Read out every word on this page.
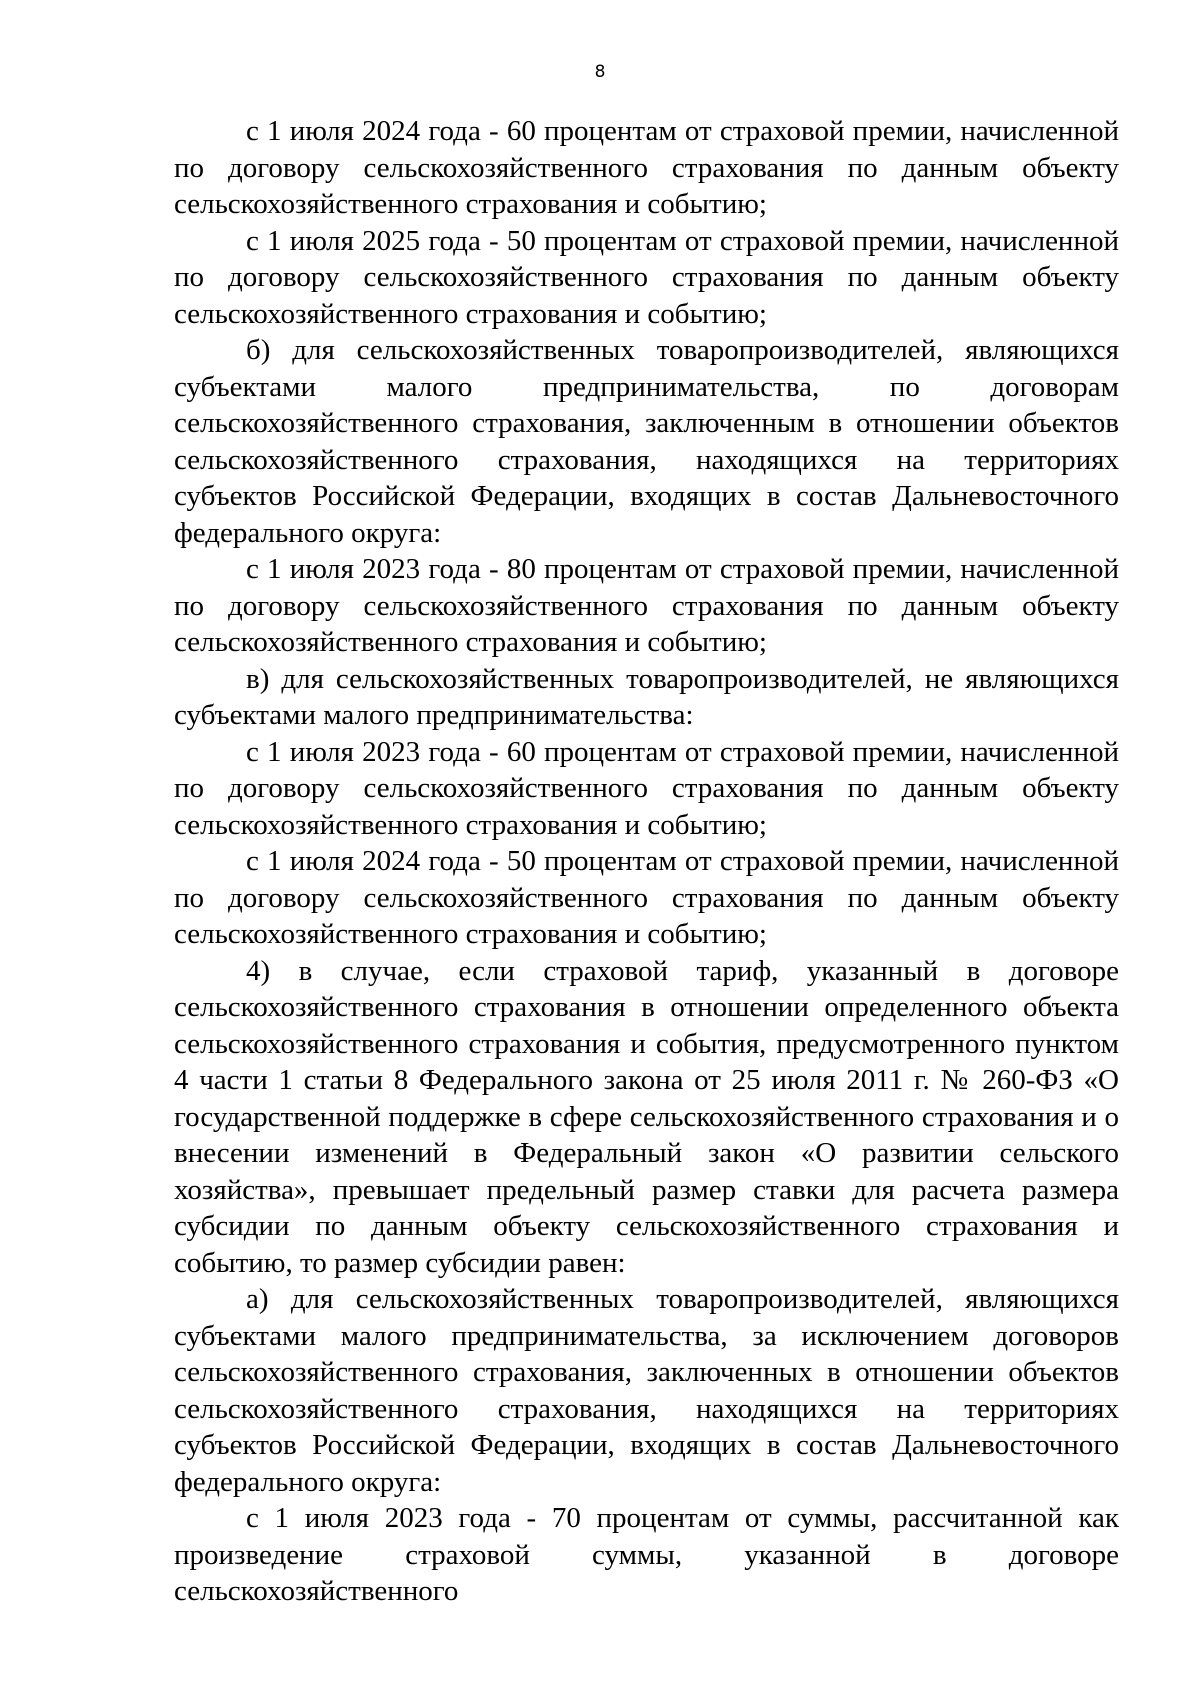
8

с 1 июля 2024 года - 60 процентам от страховой премии, начисленной по договору сельскохозяйственного страхования по данным объекту сельскохозяйственного страхования и событию;

с 1 июля 2025 года - 50 процентам от страховой премии, начисленной по договору сельскохозяйственного страхования по данным объекту сельскохозяйственного страхования и событию;

б) для сельскохозяйственных товаропроизводителей, являющихся субъектами малого предпринимательства, по договорам сельскохозяйственного страхования, заключенным в отношении объектов сельскохозяйственного страхования, находящихся на территориях субъектов Российской Федерации, входящих в состав Дальневосточного федерального округа:

с 1 июля 2023 года - 80 процентам от страховой премии, начисленной по договору сельскохозяйственного страхования по данным объекту сельскохозяйственного страхования и событию;

в) для сельскохозяйственных товаропроизводителей, не являющихся субъектами малого предпринимательства:

с 1 июля 2023 года - 60 процентам от страховой премии, начисленной по договору сельскохозяйственного страхования по данным объекту сельскохозяйственного страхования и событию;

с 1 июля 2024 года - 50 процентам от страховой премии, начисленной по договору сельскохозяйственного страхования по данным объекту сельскохозяйственного страхования и событию;

4) в случае, если страховой тариф, указанный в договоре сельскохозяйственного страхования в отношении определенного объекта сельскохозяйственного страхования и события, предусмотренного пунктом 4 части 1 статьи 8 Федерального закона от 25 июля 2011 г. № 260-ФЗ «О государственной поддержке в сфере сельскохозяйственного страхования и о внесении изменений в Федеральный закон «О развитии сельского хозяйства», превышает предельный размер ставки для расчета размера субсидии по данным объекту сельскохозяйственного страхования и событию, то размер субсидии равен:

а) для сельскохозяйственных товаропроизводителей, являющихся субъектами малого предпринимательства, за исключением договоров сельскохозяйственного страхования, заключенных в отношении объектов сельскохозяйственного страхования, находящихся на территориях субъектов Российской Федерации, входящих в состав Дальневосточного федерального округа:

с 1 июля 2023 года - 70 процентам от суммы, рассчитанной как произведение страховой суммы, указанной в договоре сельскохозяйственного
